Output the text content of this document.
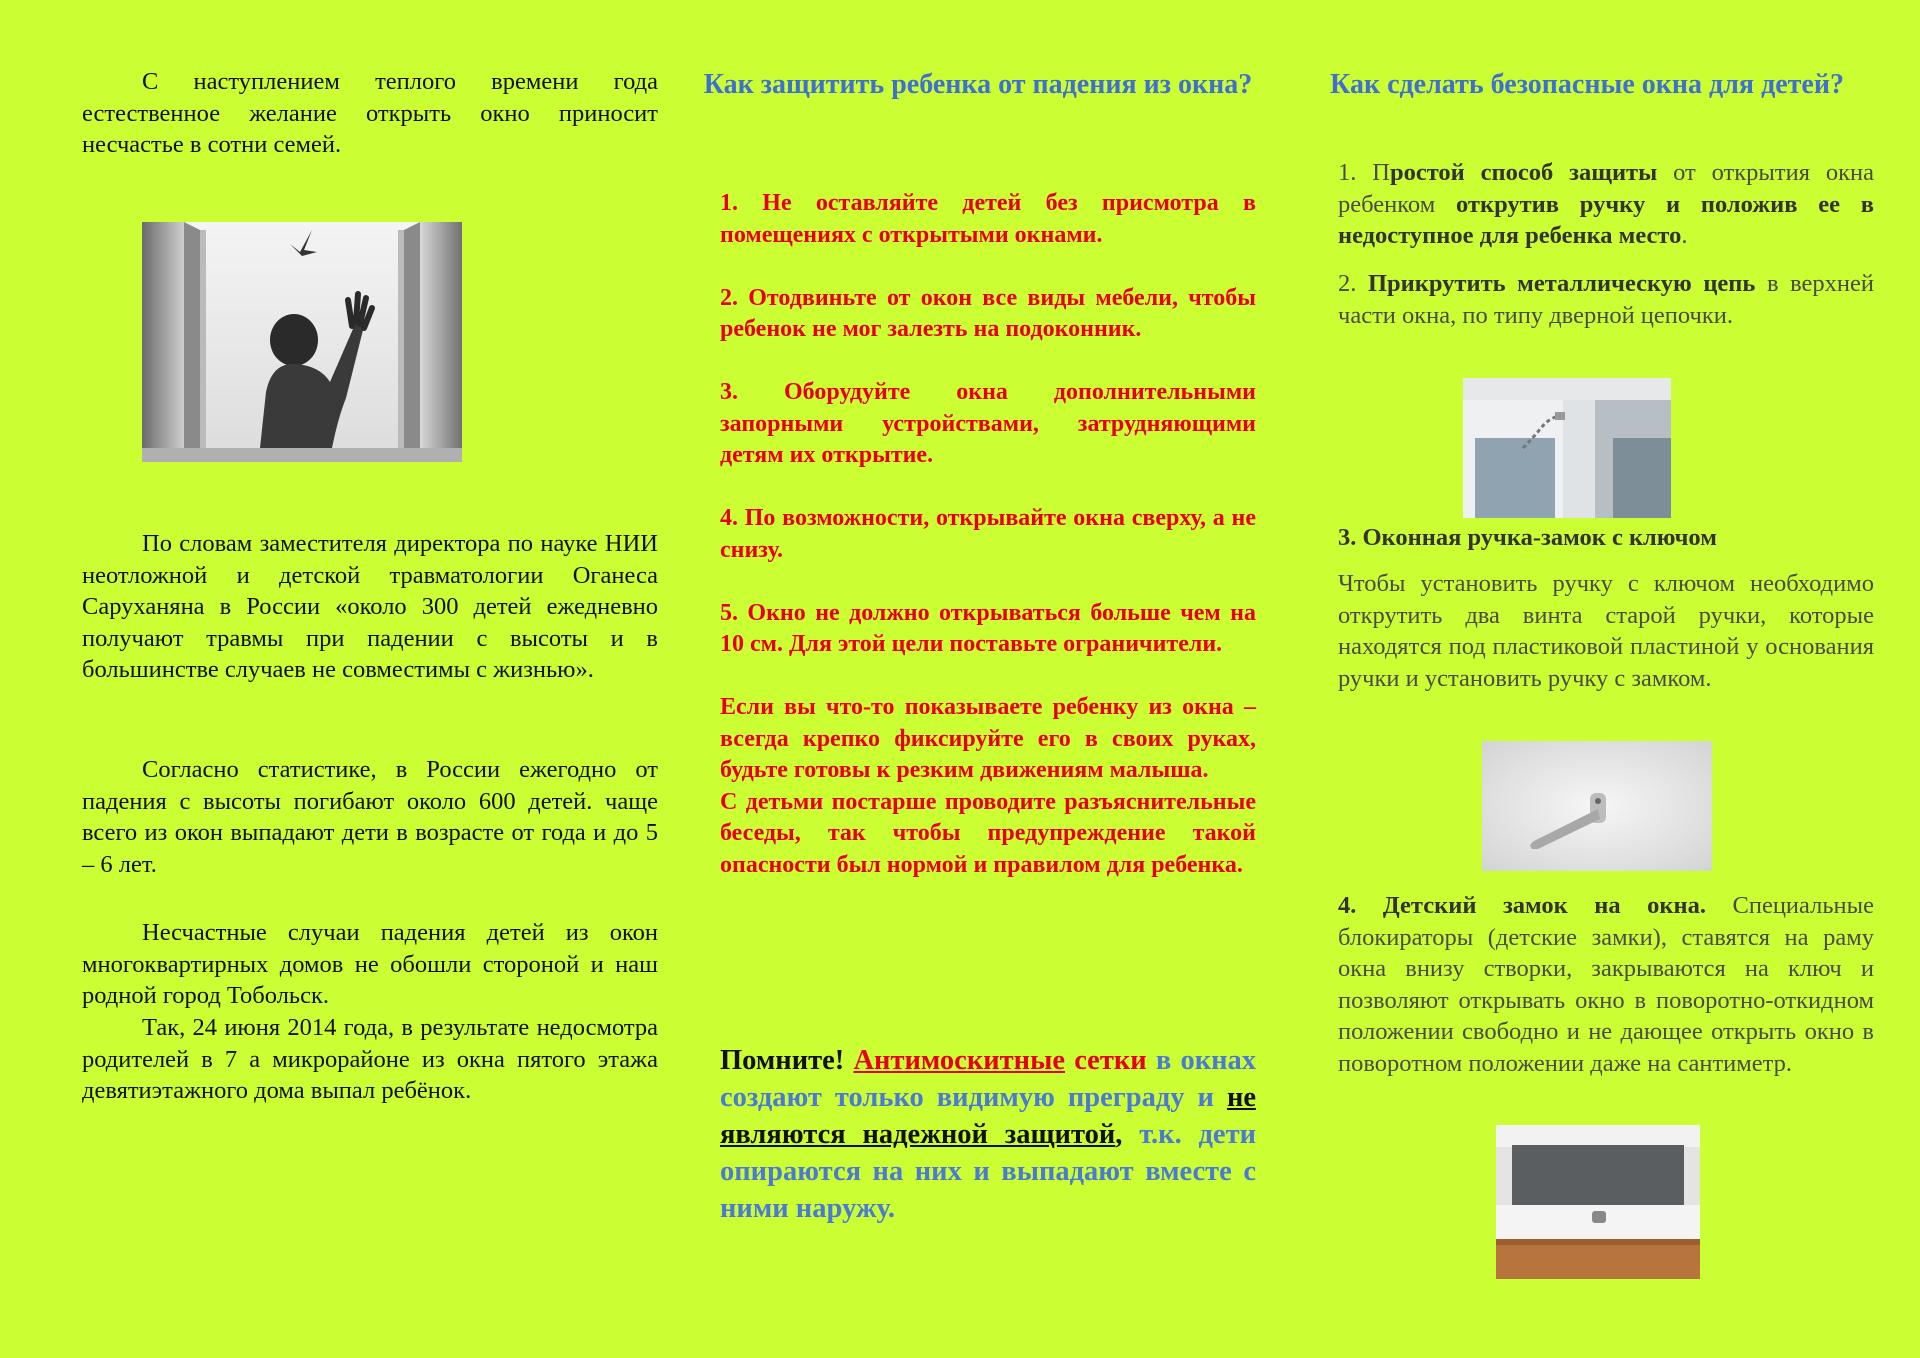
С наступлением теплого времени года естественное желание открыть окно приносит несчастье в сотни семей.

По словам заместителя директора по науке НИИ неотложной и детской травматологии Оганеса Саруханяна в России «около 300 детей ежедневно получают травмы при падении с высоты и в большинстве случаев не совместимы с жизнью».

Согласно статистике, в России ежегодно от падения с высоты погибают около 600 детей. чаще всего из окон выпадают дети в возрасте от года и до 5 – 6 лет.

Несчастные случаи падения детей из окон многоквартирных домов не обошли стороной и наш родной город Тобольск.

Так, 24 июня 2014 года, в результате недосмотра родителей в 7 а микрорайоне из окна пятого этажа девятиэтажного дома выпал ребёнок.

Как защитить ребенка от падения из окна?

1. Не оставляйте детей без присмотра в помещениях с открытыми окнами.

2. Отодвиньте от окон все виды мебели, чтобы ребенок не мог залезть на подоконник.

3. Оборудуйте окна дополнительными запорными устройствами, затрудняющими детям их открытие.

4. По возможности, открывайте окна сверху, а не снизу.

5. Окно не должно открываться больше чем на 10 см. Для этой цели поставьте ограничители.

Если вы что-то показываете ребенку из окна – всегда крепко фиксируйте его в своих руках, будьте готовы к резким движениям малыша.

С детьми постарше проводите разъяснительные беседы, так чтобы предупреждение такой опасности был нормой и правилом для ребенка.

Помните! Антимоскитные сетки в окнах создают только видимую преграду и не являются надежной защитой, т.к. дети опираются на них и выпадают вместе с ними наружу.

Как сделать безопасные окна для детей?

1. Простой способ защиты от открытия окна ребенком открутив ручку и положив ее в недоступное для ребенка место.

2. Прикрутить металлическую цепь в верхней части окна, по типу дверной цепочки.

3. Оконная ручка-замок с ключом

Чтобы установить ручку с ключом необходимо открутить два винта старой ручки, которые находятся под пластиковой пластиной у основания ручки и установить ручку с замком.

4. Детский замок на окна. Специальные блокираторы (детские замки), ставятся на раму окна внизу створки, закрываются на ключ и позволяют открывать окно в поворотно-откидном положении свободно и не дающее открыть окно в поворотном положении даже на сантиметр.
